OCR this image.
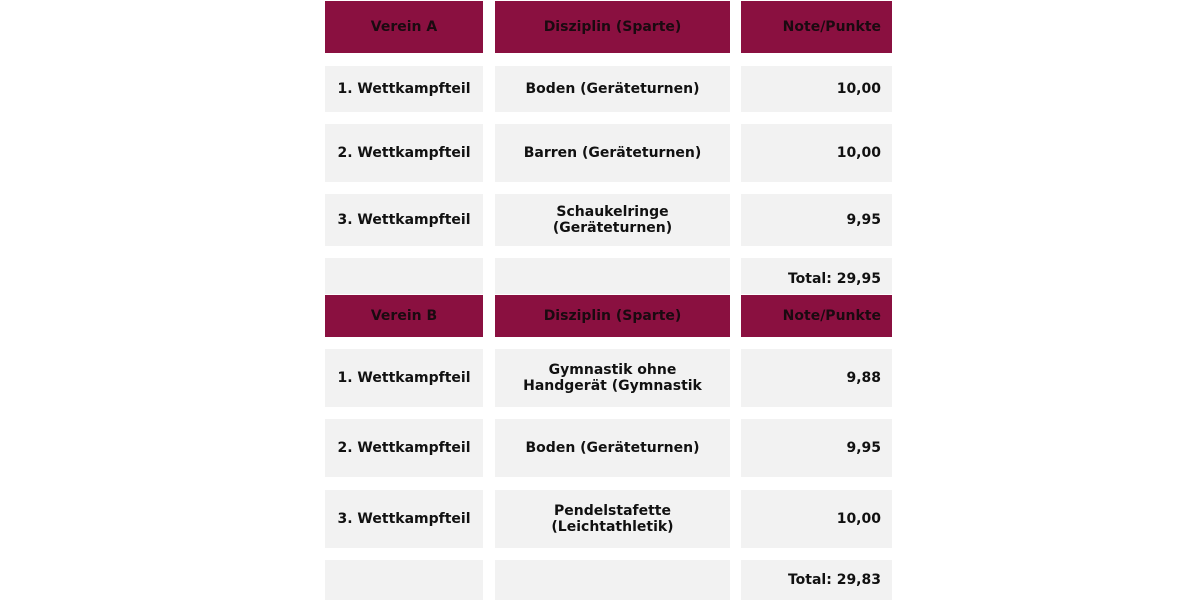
Verein A	Disziplin (Sparte)	Note/Punkte
1. Wettkampfteil	Boden (Geräteturnen)	10,00
2. Wettkampfteil	Barren (Geräteturnen)	10,00
3. Wettkampfteil	Schaukelringe (Geräteturnen)	9,95
Total: 29,95
Verein B	Disziplin (Sparte)	Note/Punkte
1. Wettkampfteil	Gymnastik ohne Handgerät (Gymnastik	9,88
2. Wettkampfteil	Boden (Geräteturnen)	9,95
3. Wettkampfteil	Pendelstafette (Leichtathletik)	10,00
Total: 29,83
